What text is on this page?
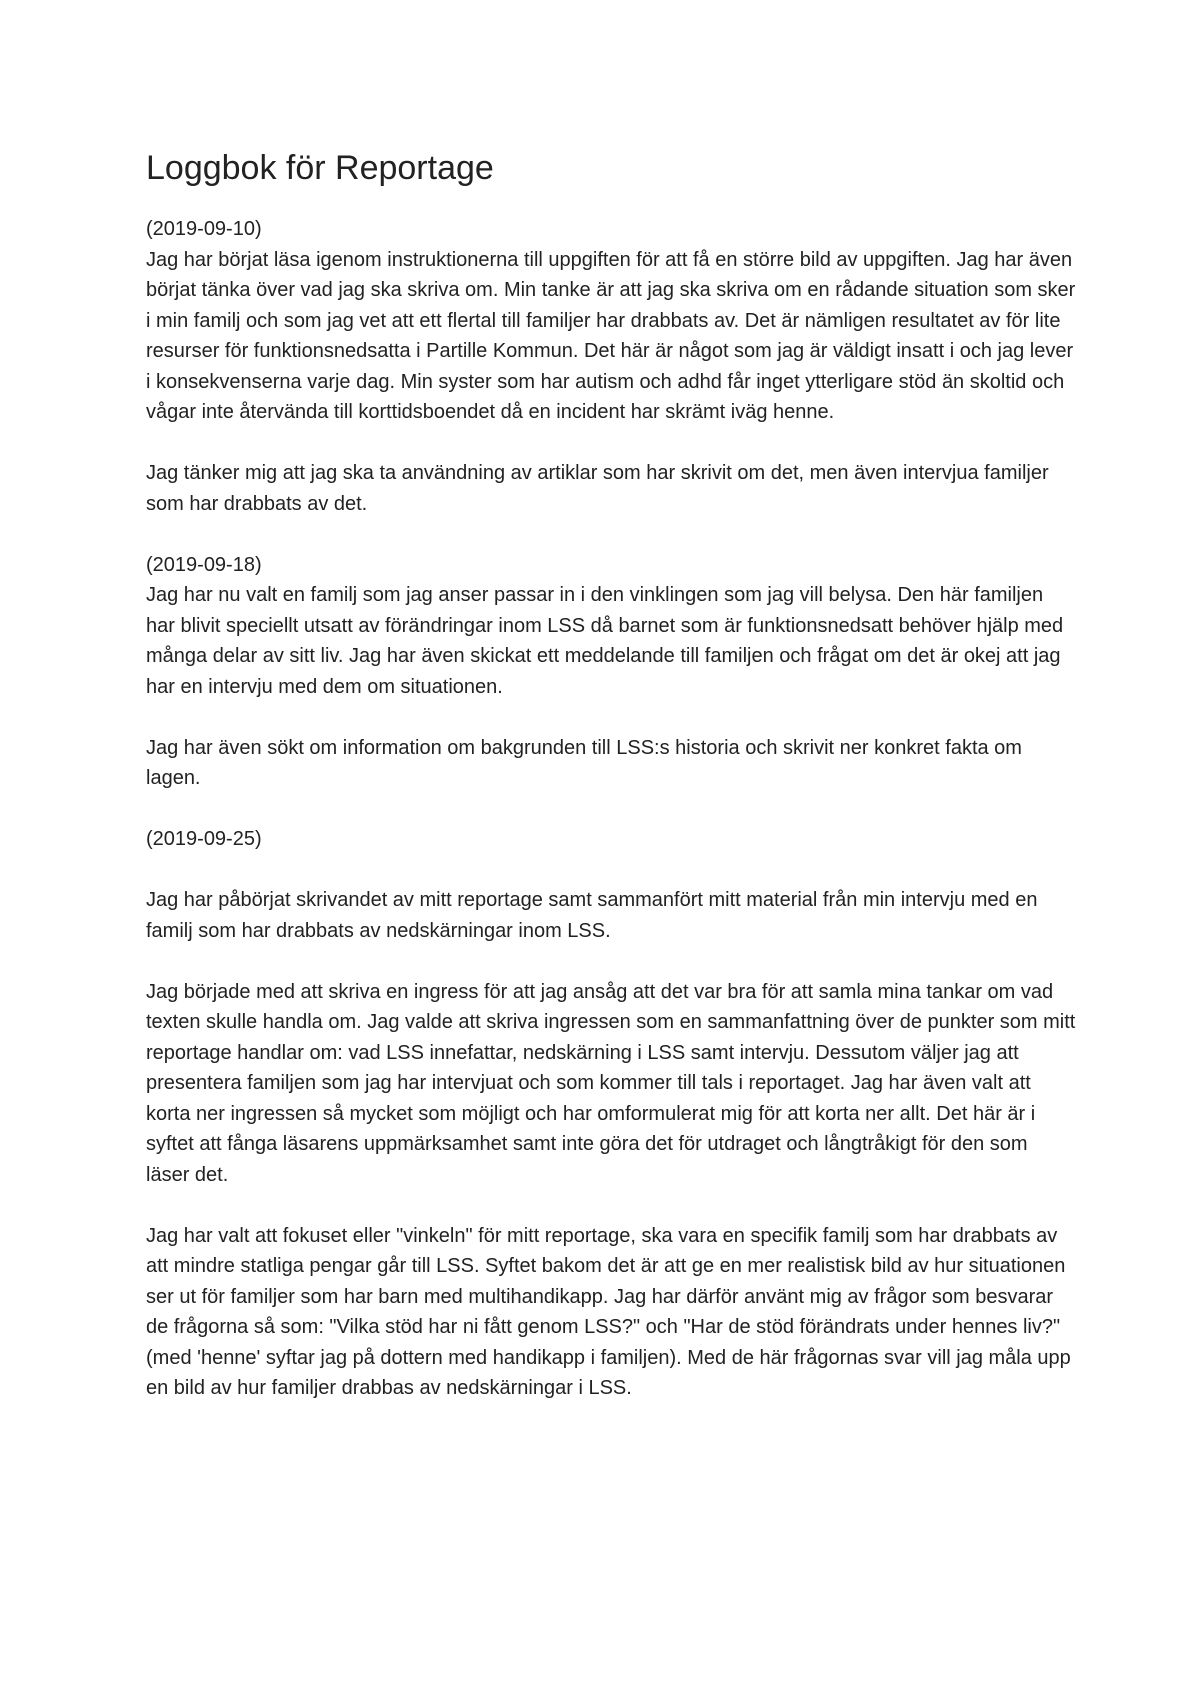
Loggbok för Reportage

(2019-09-10)

Jag har börjat läsa igenom instruktionerna till uppgiften för att få en större bild av uppgiften. Jag har även börjat tänka över vad jag ska skriva om. Min tanke är att jag ska skriva om en rådande situation som sker i min familj och som jag vet att ett flertal till familjer har drabbats av. Det är nämligen resultatet av för lite resurser för funktionsnedsatta i Partille Kommun. Det här är något som jag är väldigt insatt i och jag lever i konsekvenserna varje dag. Min syster som har autism och adhd får inget ytterligare stöd än skoltid och vågar inte återvända till korttidsboendet då en incident har skrämt iväg henne.

Jag tänker mig att jag ska ta användning av artiklar som har skrivit om det, men även intervjua familjer som har drabbats av det.

(2019-09-18)

Jag har nu valt en familj som jag anser passar in i den vinklingen som jag vill belysa. Den här familjen har blivit speciellt utsatt av förändringar inom LSS då barnet som är funktionsnedsatt behöver hjälp med många delar av sitt liv. Jag har även skickat ett meddelande till familjen och frågat om det är okej att jag har en intervju med dem om situationen.

Jag har även sökt om information om bakgrunden till LSS:s historia och skrivit ner konkret fakta om lagen.

(2019-09-25)

Jag har påbörjat skrivandet av mitt reportage samt sammanfört mitt material från min intervju med en familj som har drabbats av nedskärningar inom LSS.

Jag började med att skriva en ingress för att jag ansåg att det var bra för att samla mina tankar om vad texten skulle handla om. Jag valde att skriva ingressen som en sammanfattning över de punkter som mitt reportage handlar om: vad LSS innefattar, nedskärning i LSS samt intervju. Dessutom väljer jag att presentera familjen som jag har intervjuat och som kommer till tals i reportaget. Jag har även valt att korta ner ingressen så mycket som möjligt och har omformulerat mig för att korta ner allt. Det här är i syftet att fånga läsarens uppmärksamhet samt inte göra det för utdraget och långtråkigt för den som läser det.

Jag har valt att fokuset eller "vinkeln" för mitt reportage, ska vara en specifik familj som har drabbats av att mindre statliga pengar går till LSS. Syftet bakom det är att ge en mer realistisk bild av hur situationen ser ut för familjer som har barn med multihandikapp. Jag har därför använt mig av frågor som besvarar de frågorna så som: "Vilka stöd har ni fått genom LSS?" och "Har de stöd förändrats under hennes liv?" (med 'henne' syftar jag på dottern med handikapp i familjen). Med de här frågornas svar vill jag måla upp en bild av hur familjer drabbas av nedskärningar i LSS.
